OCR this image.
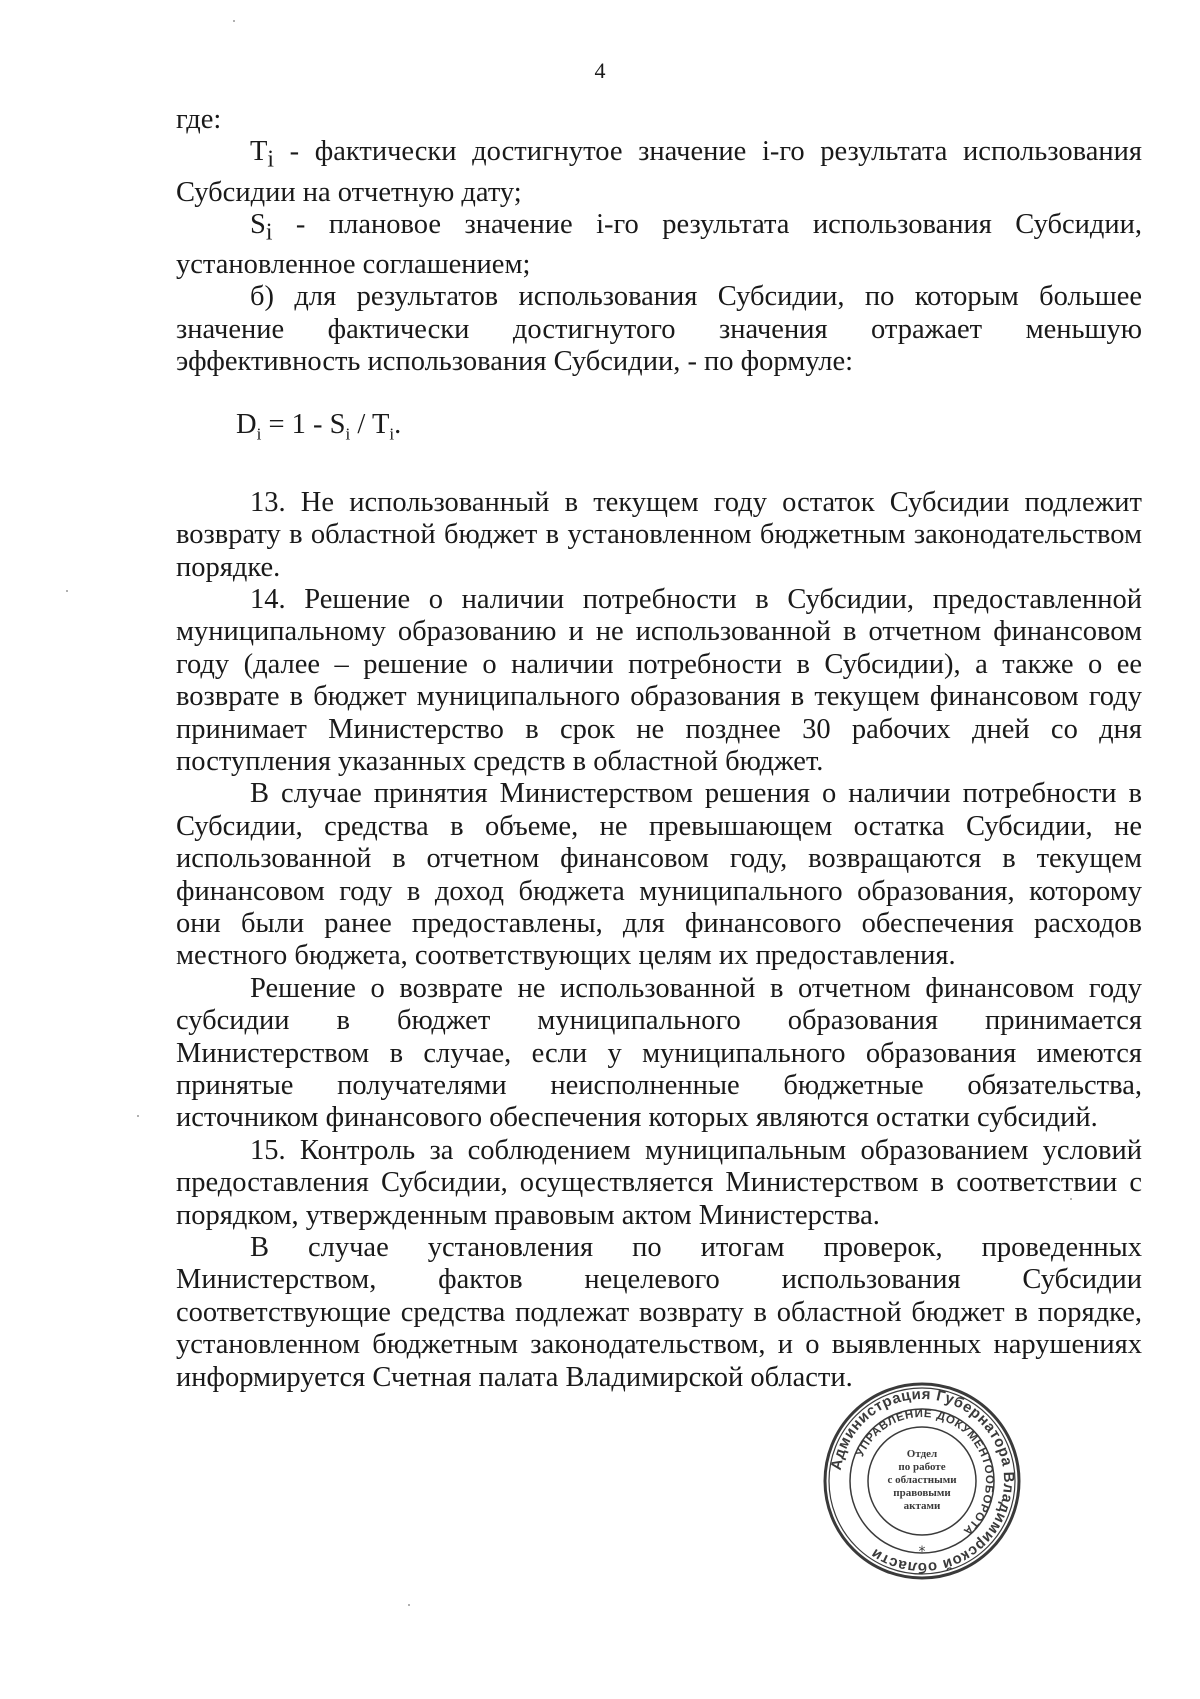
4

где:

$T_i$ - фактически достигнутое значение i-го результата использования Субсидии на отчетную дату;

$S_i$ - плановое значение i-го результата использования Субсидии, установленное соглашением;

б) для результатов использования Субсидии, по которым большее значение фактически достигнутого значения отражает меньшую эффективность использования Субсидии, - по формуле:

$D_i = 1 - S_i / T_i$.

13. Не использованный в текущем году остаток Субсидии подлежит возврату в областной бюджет в установленном бюджетным законодательством порядке.

14. Решение о наличии потребности в Субсидии, предоставленной муниципальному образованию и не использованной в отчетном финансовом году (далее – решение о наличии потребности в Субсидии), а также о ее возврате в бюджет муниципального образования в текущем финансовом году принимает Министерство в срок не позднее 30 рабочих дней со дня поступления указанных средств в областной бюджет.

В случае принятия Министерством решения о наличии потребности в Субсидии, средства в объеме, не превышающем остатка Субсидии, не использованной в отчетном финансовом году, возвращаются в текущем финансовом году в доход бюджета муниципального образования, которому они были ранее предоставлены, для финансового обеспечения расходов местного бюджета, соответствующих целям их предоставления.

Решение о возврате не использованной в отчетном финансовом году субсидии в бюджет муниципального образования принимается Министерством в случае, если у муниципального образования имеются принятые получателями неисполненные бюджетные обязательства, источником финансового обеспечения которых являются остатки субсидий.

15. Контроль за соблюдением муниципальным образованием условий предоставления Субсидии, осуществляется Министерством в соответствии с порядком, утвержденным правовым актом Министерства.

В случае установления по итогам проверок, проведенных Министерством, фактов нецелевого использования Субсидии соответствующие средства подлежат возврату в областной бюджет в порядке, установленном бюджетным законодательством, и о выявленных нарушениях информируется Счетная палата Владимирской области.

Администрация Губернатора Владимирской области
УПРАВЛЕНИЕ ДОКУМЕНТООБОРОТА
*
Отдел
по работе
с областными
правовыми
актами
